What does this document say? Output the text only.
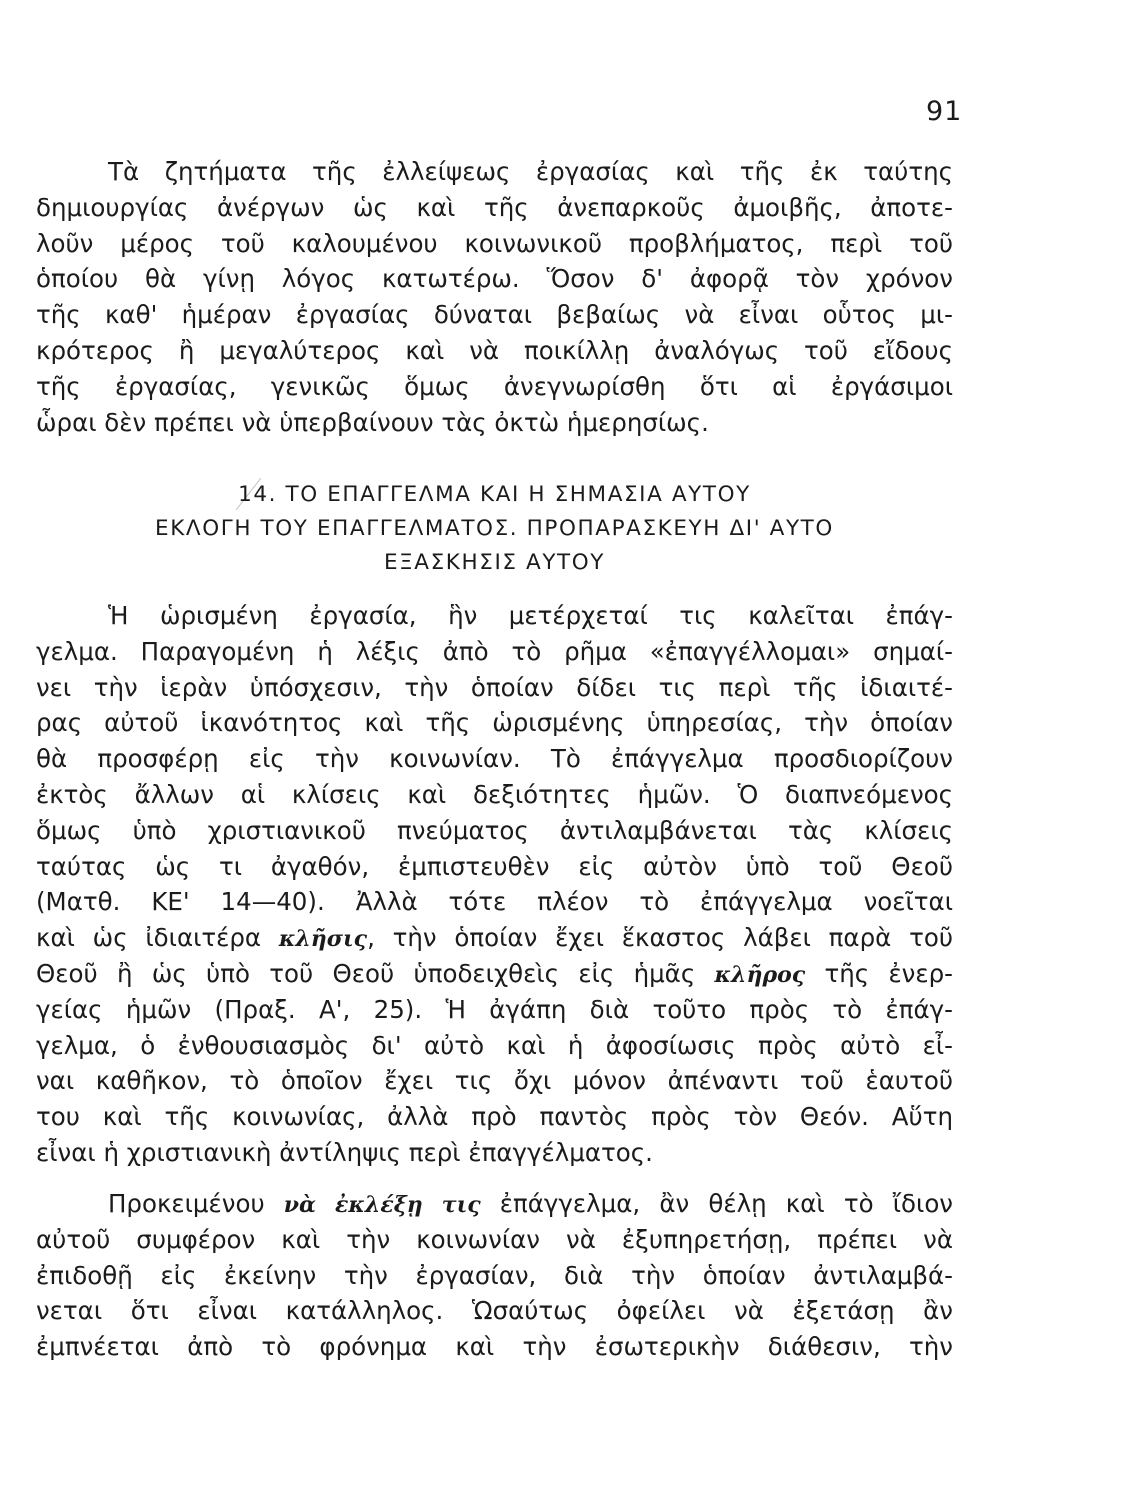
91
Τὰ ζητήματα τῆς ἐλλείψεως ἐργασίας καὶ τῆς ἐκ ταύτης
δημιουργίας ἀνέργων ὡς καὶ τῆς ἀνεπαρκοῦς ἀμοιβῆς, ἀποτε-
λοῦν μέρος τοῦ καλουμένου κοινωνικοῦ προβλήματος, περὶ τοῦ
ὁποίου θὰ γίνῃ λόγος κατωτέρω. Ὅσον δ' ἀφορᾷ τὸν χρόνον
τῆς καθ' ἡμέραν ἐργασίας δύναται βεβαίως νὰ εἶναι οὗτος μι-
κρότερος ἢ μεγαλύτερος καὶ νὰ ποικίλλῃ ἀναλόγως τοῦ εἴδους
τῆς ἐργασίας, γενικῶς ὅμως ἀνεγνωρίσθη ὅτι αἱ ἐργάσιμοι
ὧραι δὲν πρέπει νὰ ὑπερβαίνουν τὰς ὀκτὼ ἡμερησίως.
14. ΤΟ ΕΠΑΓΓΕΛΜΑ ΚΑΙ Η ΣΗΜΑΣΙΑ ΑΥΤΟΥ
ΕΚΛΟΓΗ ΤΟΥ ΕΠΑΓΓΕΛΜΑΤΟΣ. ΠΡΟΠΑΡΑΣΚΕΥΗ ΔΙ' ΑΥΤΟ
ΕΞΑΣΚΗΣΙΣ ΑΥΤΟΥ
Ἡ ὡρισμένη ἐργασία, ἣν μετέρχεταί τις καλεῖται ἐπάγ-
γελμα. Παραγομένη ἡ λέξις ἀπὸ τὸ ρῆμα «ἐπαγγέλλομαι» σημαί-
νει τὴν ἱερὰν ὑπόσχεσιν, τὴν ὁποίαν δίδει τις περὶ τῆς ἰδιαιτέ-
ρας αὐτοῦ ἱκανότητος καὶ τῆς ὡρισμένης ὑπηρεσίας, τὴν ὁποίαν
θὰ προσφέρῃ εἰς τὴν κοινωνίαν. Τὸ ἐπάγγελμα προσδιορίζουν
ἐκτὸς ἄλλων αἱ κλίσεις καὶ δεξιότητες ἡμῶν. Ὁ διαπνεόμενος
ὅμως ὑπὸ χριστιανικοῦ πνεύματος ἀντιλαμβάνεται τὰς κλίσεις
ταύτας ὡς τι ἀγαθόν, ἐμπιστευθὲν εἰς αὐτὸν ὑπὸ τοῦ Θεοῦ
(Ματθ. ΚΕ' 14—40). Ἀλλὰ τότε πλέον τὸ ἐπάγγελμα νοεῖται
καὶ ὡς ἰδιαιτέρα κλῆσις, τὴν ὁποίαν ἔχει ἕκαστος λάβει παρὰ τοῦ
Θεοῦ ἢ ὡς ὑπὸ τοῦ Θεοῦ ὑποδειχθεὶς εἰς ἡμᾶς κλῆρος τῆς ἐνερ-
γείας ἡμῶν (Πραξ. Α', 25). Ἡ ἀγάπη διὰ τοῦτο πρὸς τὸ ἐπάγ-
γελμα, ὁ ἐνθουσιασμὸς δι' αὐτὸ καὶ ἡ ἀφοσίωσις πρὸς αὐτὸ εἶ-
ναι καθῆκον, τὸ ὁποῖον ἔχει τις ὄχι μόνον ἀπέναντι τοῦ ἑαυτοῦ
του καὶ τῆς κοινωνίας, ἀλλὰ πρὸ παντὸς πρὸς τὸν Θεόν. Αὕτη
εἶναι ἡ χριστιανικὴ ἀντίληψις περὶ ἐπαγγέλματος.
Προκειμένου νὰ ἐκλέξῃ τις ἐπάγγελμα, ἂν θέλῃ καὶ τὸ ἴδιον
αὐτοῦ συμφέρον καὶ τὴν κοινωνίαν νὰ ἐξυπηρετήσῃ, πρέπει νὰ
ἐπιδοθῇ εἰς ἐκείνην τὴν ἐργασίαν, διὰ τὴν ὁποίαν ἀντιλαμβά-
νεται ὅτι εἶναι κατάλληλος. Ὡσαύτως ὀφείλει νὰ ἐξετάσῃ ἂν
ἐμπνέεται ἀπὸ τὸ φρόνημα καὶ τὴν ἐσωτερικὴν διάθεσιν, τὴν
